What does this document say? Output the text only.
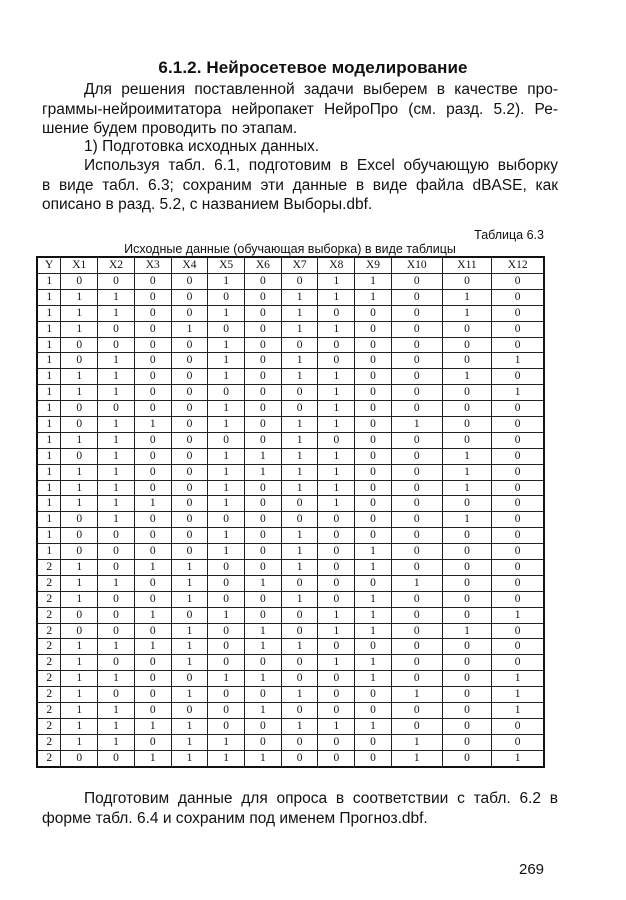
6.1.2. Нейросетевое моделирование
Для решения поставленной задачи выберем в качестве про-
граммы-нейроимитатора нейропакет НейроПро (см. разд. 5.2). Ре-
шение будем проводить по этапам.
1) Подготовка исходных данных.
Используя табл. 6.1, подготовим в Excel обучающую выборку
в виде табл. 6.3; сохраним эти данные в виде файла dBASE, как
описано в разд. 5.2, с названием Выборы.dbf.

Таблица 6.3

Исходные данные (обучающая выборка) в виде таблицы

Y	X1	X2	X3	X4	X5	X6	X7	X8	X9	X10	X11	X12
1	0	0	0	0	1	0	0	1	1	0	0	0
1	1	1	0	0	0	0	1	1	1	0	1	0
1	1	1	0	0	1	0	1	0	0	0	1	0
1	1	0	0	1	0	0	1	1	0	0	0	0
1	0	0	0	0	1	0	0	0	0	0	0	0
1	0	1	0	0	1	0	1	0	0	0	0	1
1	1	1	0	0	1	0	1	1	0	0	1	0
1	1	1	0	0	0	0	0	1	0	0	0	1
1	0	0	0	0	1	0	0	1	0	0	0	0
1	0	1	1	0	1	0	1	1	0	1	0	0
1	1	1	0	0	0	0	1	0	0	0	0	0
1	0	1	0	0	1	1	1	1	0	0	1	0
1	1	1	0	0	1	1	1	1	0	0	1	0
1	1	1	0	0	1	0	1	1	0	0	1	0
1	1	1	1	0	1	0	0	1	0	0	0	0
1	0	1	0	0	0	0	0	0	0	0	1	0
1	0	0	0	0	1	0	1	0	0	0	0	0
1	0	0	0	0	1	0	1	0	1	0	0	0
2	1	0	1	1	0	0	1	0	1	0	0	0
2	1	1	0	1	0	1	0	0	0	1	0	0
2	1	0	0	1	0	0	1	0	1	0	0	0
2	0	0	1	0	1	0	0	1	1	0	0	1
2	0	0	0	1	0	1	0	1	1	0	1	0
2	1	1	1	1	0	1	1	0	0	0	0	0
2	1	0	0	1	0	0	0	1	1	0	0	0
2	1	1	0	0	1	1	0	0	1	0	0	1
2	1	0	0	1	0	0	1	0	0	1	0	1
2	1	1	0	0	0	1	0	0	0	0	0	1
2	1	1	1	1	0	0	1	1	1	0	0	0
2	1	1	0	1	1	0	0	0	0	1	0	0
2	0	0	1	1	1	1	0	0	0	1	0	1
Подготовим данные для опроса в соответствии с табл. 6.2 в
форме табл. 6.4 и сохраним под именем Прогноз.dbf.

269
